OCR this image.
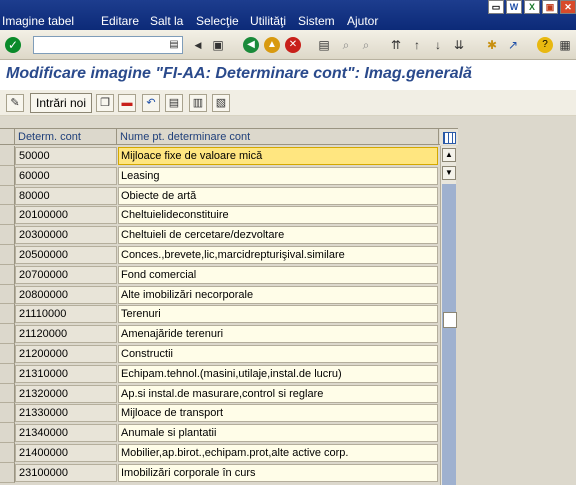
Imagine tabel Editare Salt la Selecţie Utilităţi Sistem Ajutor
▭	W	X	▣	✕
✓	▤	◀ ▣	◀	▲	✕	▤	⌕	⌕	⇈	↑	↓	⇊ ✱ ↗	? ▦
Modificare imagine "FI-AA: Determinare cont": Imag.generală
✎	Intrări noi	❐	▬	↶	▤	▥	▧
Determ. cont	Nume pt. determinare cont
50000	Mijloace fixe de valoare mică
60000	Leasing
80000	Obiecte de artă
20100000	Cheltuielideconstituire
20300000	Cheltuieli de cercetare/dezvoltare
20500000	Conces.,brevete,lic,marcidrepturişival.similare
20700000	Fond comercial
20800000	Alte imobilizări necorporale
21110000	Terenuri
21120000	Amenajăride terenuri
21200000	Constructii
21310000	Echipam.tehnol.(masini,utilaje,instal.de lucru)
21320000	Ap.si instal.de masurare,control si reglare
21330000	Mijloace de transport
21340000	Anumale si plantatii
21400000	Mobilier,ap.birot.,echipam.prot,alte active corp.
23100000	Imobilizări corporale în curs
▲
▼
